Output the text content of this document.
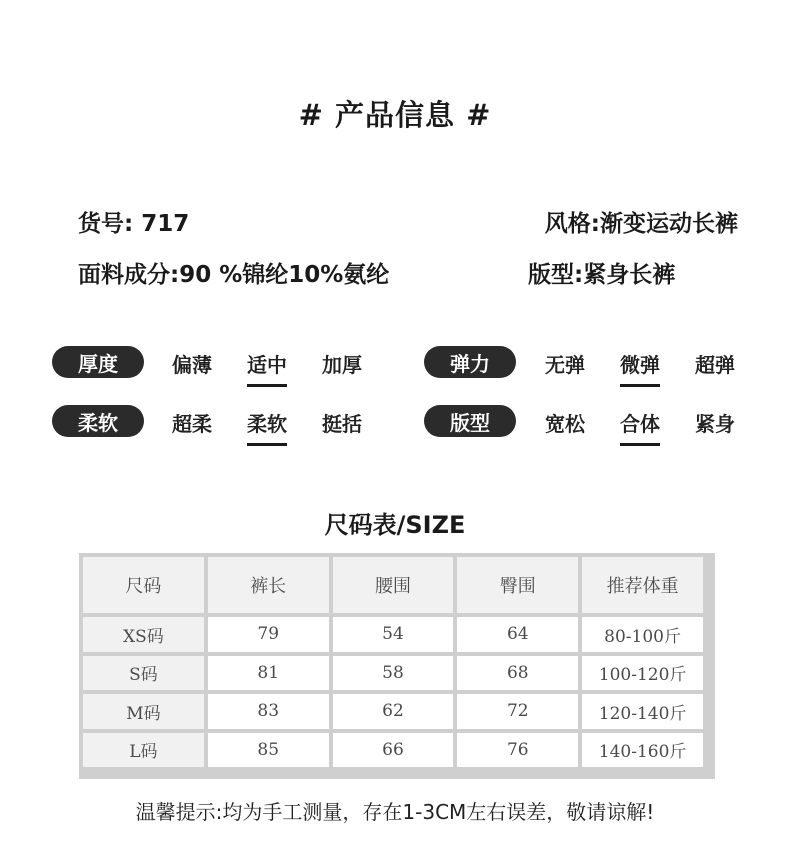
# 产品信息 #
货号: 717	风格:渐变运动长裤
面料成分:90 %锦纶10%氨纶	版型:紧身长裤
厚度	偏薄 适中 加厚	弹力	无弹 微弹 超弹
柔软	超柔 柔软 挺括	版型	宽松 合体 紧身
尺码表/SIZE
尺码	裤长	腰围	臀围	推荐体重
XS码	79	54	64	80-100斤
S码	81	58	68	100-120斤
M码	83	62	72	120-140斤
L码	85	66	76	140-160斤
温馨提示:均为手工测量，存在1-3CM左右误差，敬请谅解!
